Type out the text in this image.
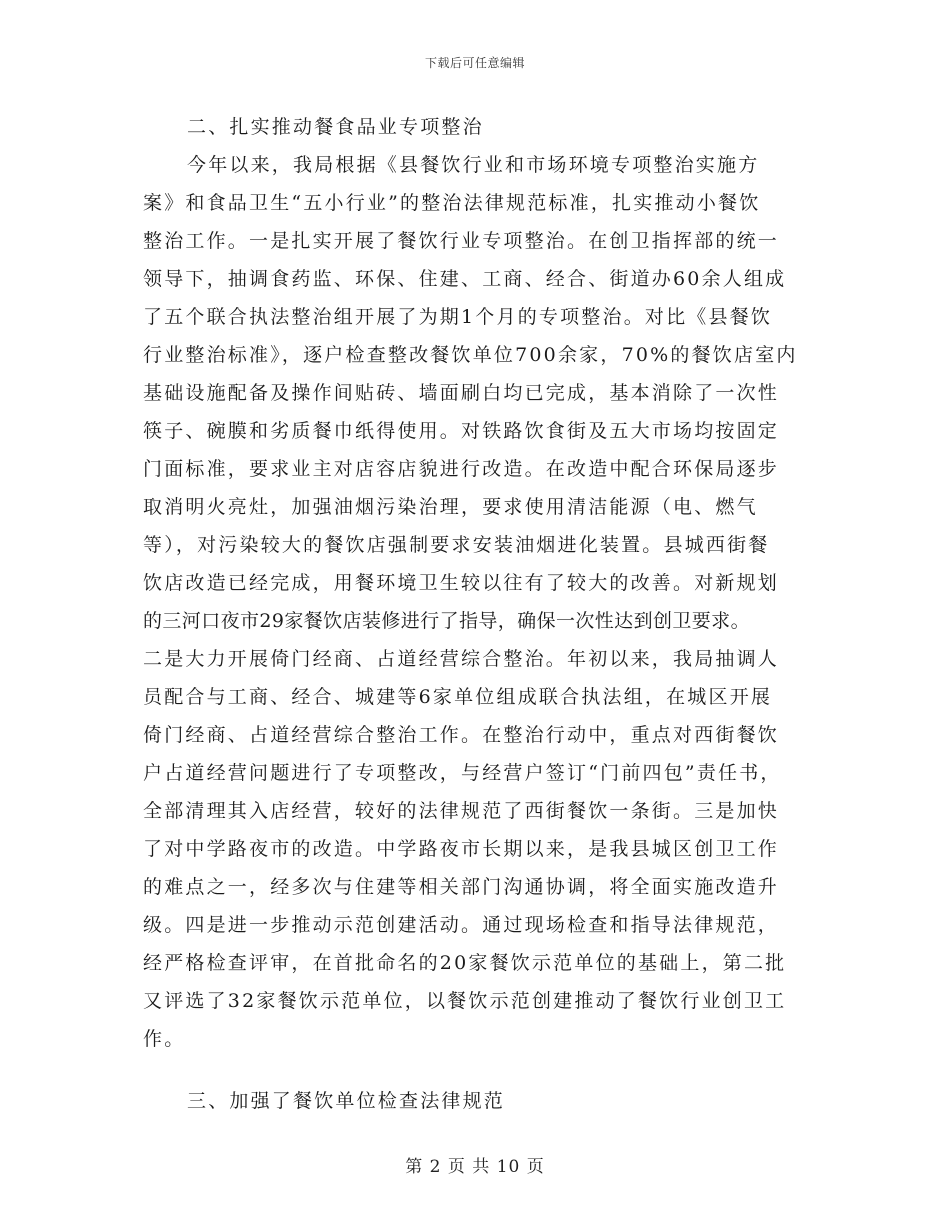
下载后可任意编辑

二、扎实推动餐食品业专项整治

今年以来，我局根据《县餐饮行业和市场环境专项整治实施方
案》和食品卫生“五小行业”的整治法律规范标准，扎实推动小餐饮
整治工作。一是扎实开展了餐饮行业专项整治。在创卫指挥部的统一
领导下，抽调食药监、环保、住建、工商、经合、街道办60余人组成
了五个联合执法整治组开展了为期1个月的专项整治。对比《县餐饮
行业整治标准》，逐户检查整改餐饮单位700余家，70%的餐饮店室内
基础设施配备及操作间贴砖、墙面刷白均已完成，基本消除了一次性
筷子、碗膜和劣质餐巾纸得使用。对铁路饮食街及五大市场均按固定
门面标准，要求业主对店容店貌进行改造。在改造中配合环保局逐步
取消明火亮灶，加强油烟污染治理，要求使用清洁能源（电、燃气
等），对污染较大的餐饮店强制要求安装油烟进化装置。县城西街餐
饮店改造已经完成，用餐环境卫生较以往有了较大的改善。对新规划
的三河口夜市29家餐饮店装修进行了指导，确保一次性达到创卫要求。
二是大力开展倚门经商、占道经营综合整治。年初以来，我局抽调人
员配合与工商、经合、城建等6家单位组成联合执法组，在城区开展
倚门经商、占道经营综合整治工作。在整治行动中，重点对西街餐饮
户占道经营问题进行了专项整改，与经营户签订“门前四包”责任书，
全部清理其入店经营，较好的法律规范了西街餐饮一条街。三是加快
了对中学路夜市的改造。中学路夜市长期以来，是我县城区创卫工作
的难点之一，经多次与住建等相关部门沟通协调，将全面实施改造升
级。四是进一步推动示范创建活动。通过现场检查和指导法律规范，
经严格检查评审，在首批命名的20家餐饮示范单位的基础上，第二批
又评选了32家餐饮示范单位，以餐饮示范创建推动了餐饮行业创卫工
作。

三、加强了餐饮单位检查法律规范

第 2 页 共 10 页
